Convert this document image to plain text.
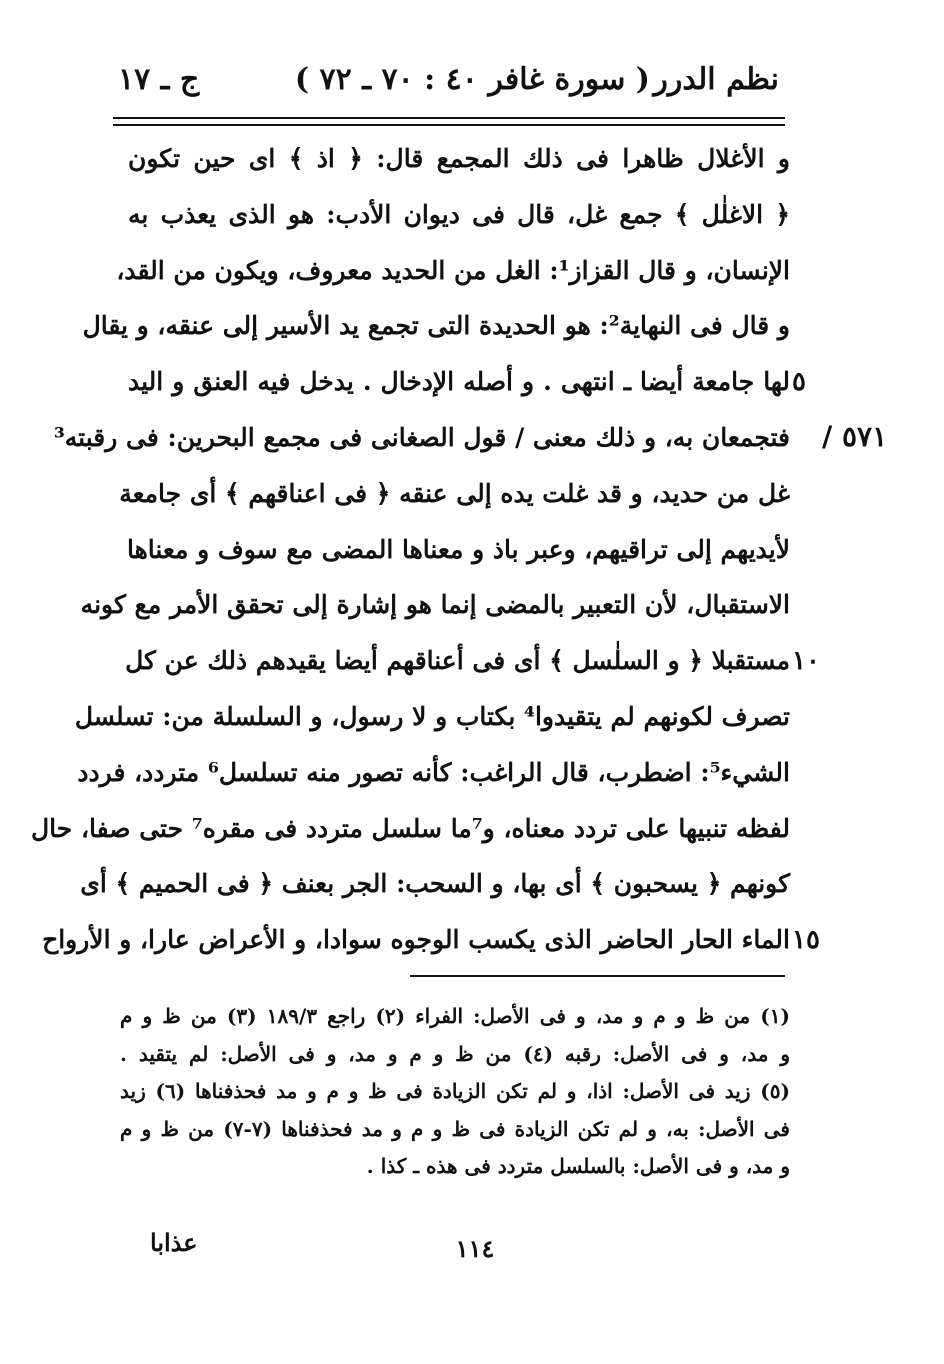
نظم الدرر
( سورة غافر ٤٠ : ٧٠ ـ ٧٢ )
ج ـ ١٧
٥٧١ /
٥
١٠
١٥
و الأغلال ظاهرا فى ذلك المجمع قال: ﴿ اذ ﴾ اى حين تكون
﴿ الاغلٰل ﴾ جمع غل، قال فى ديوان الأدب: هو الذى يعذب به
الإنسان، و قال القزاز¹: الغل من الحديد معروف، ويكون من القد،
و قال فى النهاية²: هو الحديدة التى تجمع يد الأسير إلى عنقه، و يقال
لها جامعة أيضا ـ انتهى . و أصله الإدخال . يدخل فيه العنق و اليد
فتجمعان به، و ذلك معنى / قول الصغانى فى مجمع البحرين: فى رقبته³
غل من حديد، و قد غلت يده إلى عنقه ﴿ فى اعناقهم ﴾ أى جامعة
لأيديهم إلى تراقيهم، وعبر باذ و معناها المضى مع سوف و معناها
الاستقبال، لأن التعبير بالمضى إنما هو إشارة إلى تحقق الأمر مع كونه
مستقبلا ﴿ و السلٰسل ﴾ أى فى أعناقهم أيضا يقيدهم ذلك عن كل
تصرف لكونهم لم يتقيدوا⁴ بكتاب و لا رسول، و السلسلة من: تسلسل
الشيء⁵: اضطرب، قال الراغب: كأنه تصور منه تسلسل⁶ متردد، فردد
لفظه تنبيها على تردد معناه، و⁷ما سلسل متردد فى مقره⁷ حتى صفا، حال
كونهم ﴿ يسحبون ﴾ أى بها، و السحب: الجر بعنف ﴿ فى الحميم ﴾ أى
الماء الحار الحاضر الذى يكسب الوجوه سوادا، و الأعراض عارا، و الأرواح
(١) من ظ و م و مد، و فى الأصل: الفراء (٢) راجع ١٨٩/٣ (٣) من ظ و م
و مد، و فى الأصل: رقبه (٤) من ظ و م و مد، و فى الأصل: لم يتقيد .
(٥) زيد فى الأصل: اذا، و لم تكن الزيادة فى ظ و م و مد فحذفناها (٦) زيد
فى الأصل: به، و لم تكن الزيادة فى ظ و م و مد فحذفناها (٧-٧) من ظ و م
و مد، و فى الأصل: بالسلسل متردد فى هذه ـ كذا .
عذابا	١١٤
